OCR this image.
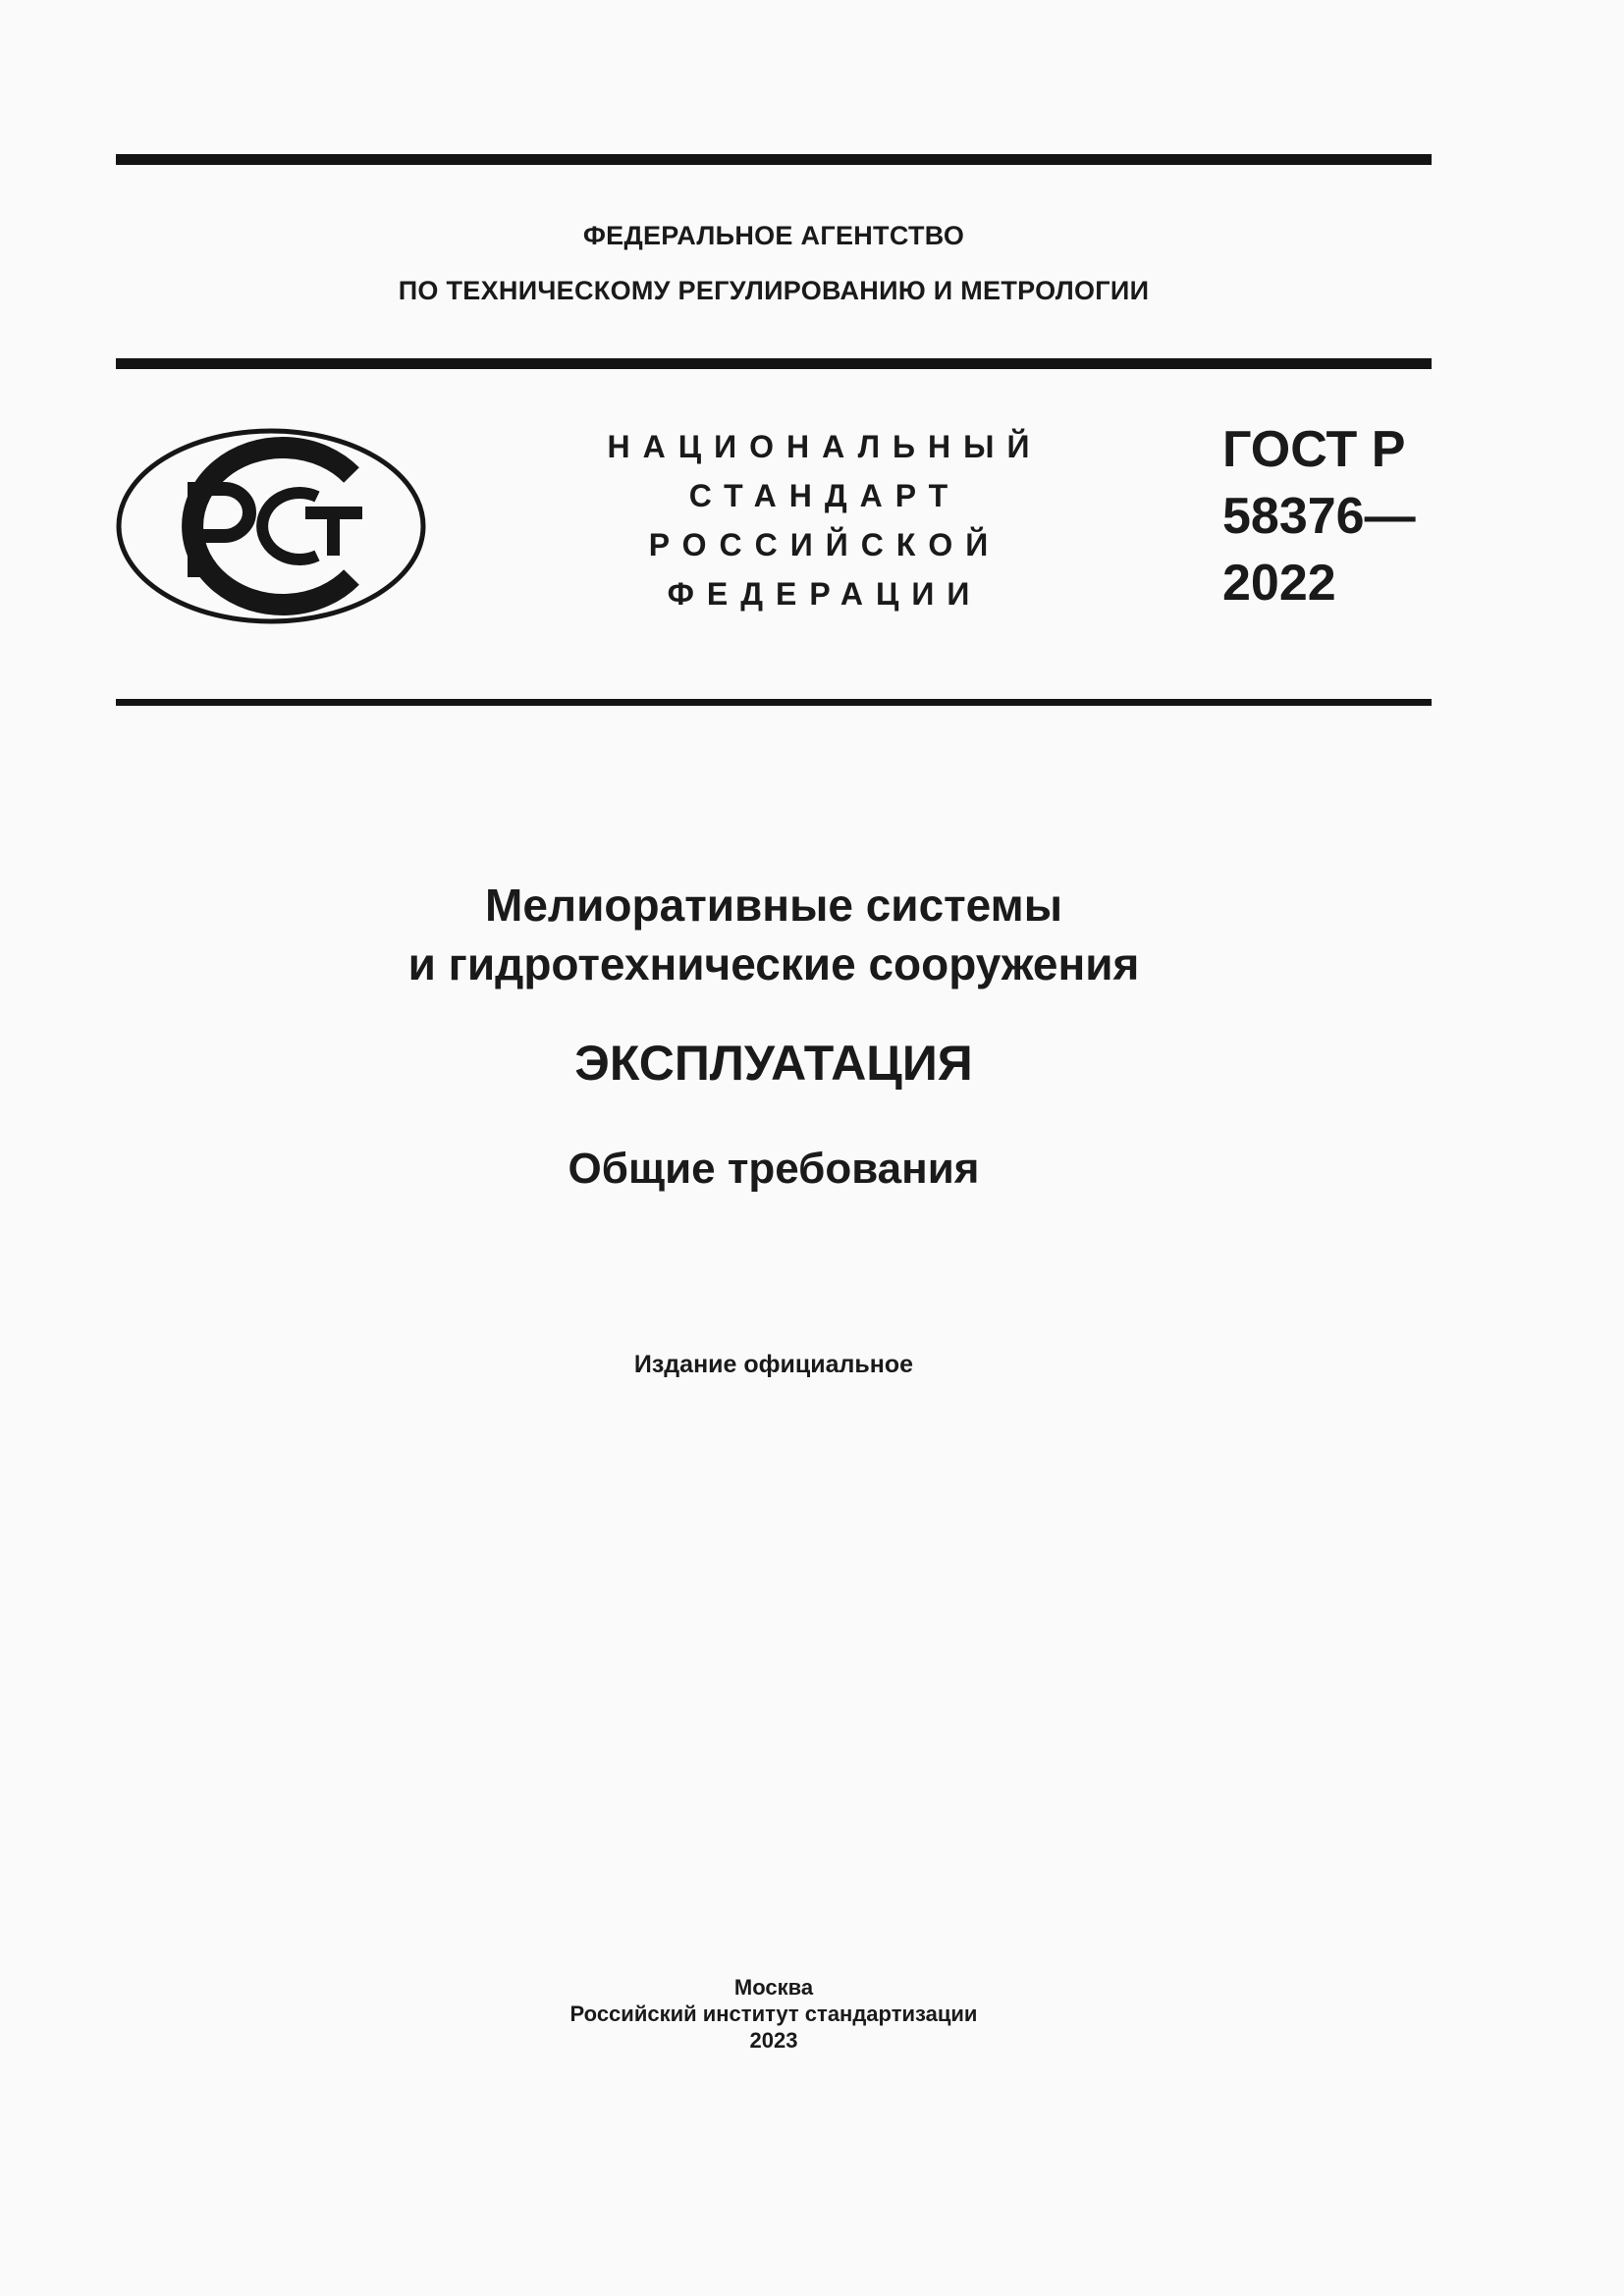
ФЕДЕРАЛЬНОЕ АГЕНТСТВО
ПО ТЕХНИЧЕСКОМУ РЕГУЛИРОВАНИЮ И МЕТРОЛОГИИ
НАЦИОНАЛЬНЫЙ
СТАНДАРТ
РОССИЙСКОЙ
ФЕДЕРАЦИИ
ГОСТ Р
58376—
2022
Мелиоративные системы
и гидротехнические сооружения
ЭКСПЛУАТАЦИЯ
Общие требования
Издание официальное
Москва
Российский институт стандартизации
2023
